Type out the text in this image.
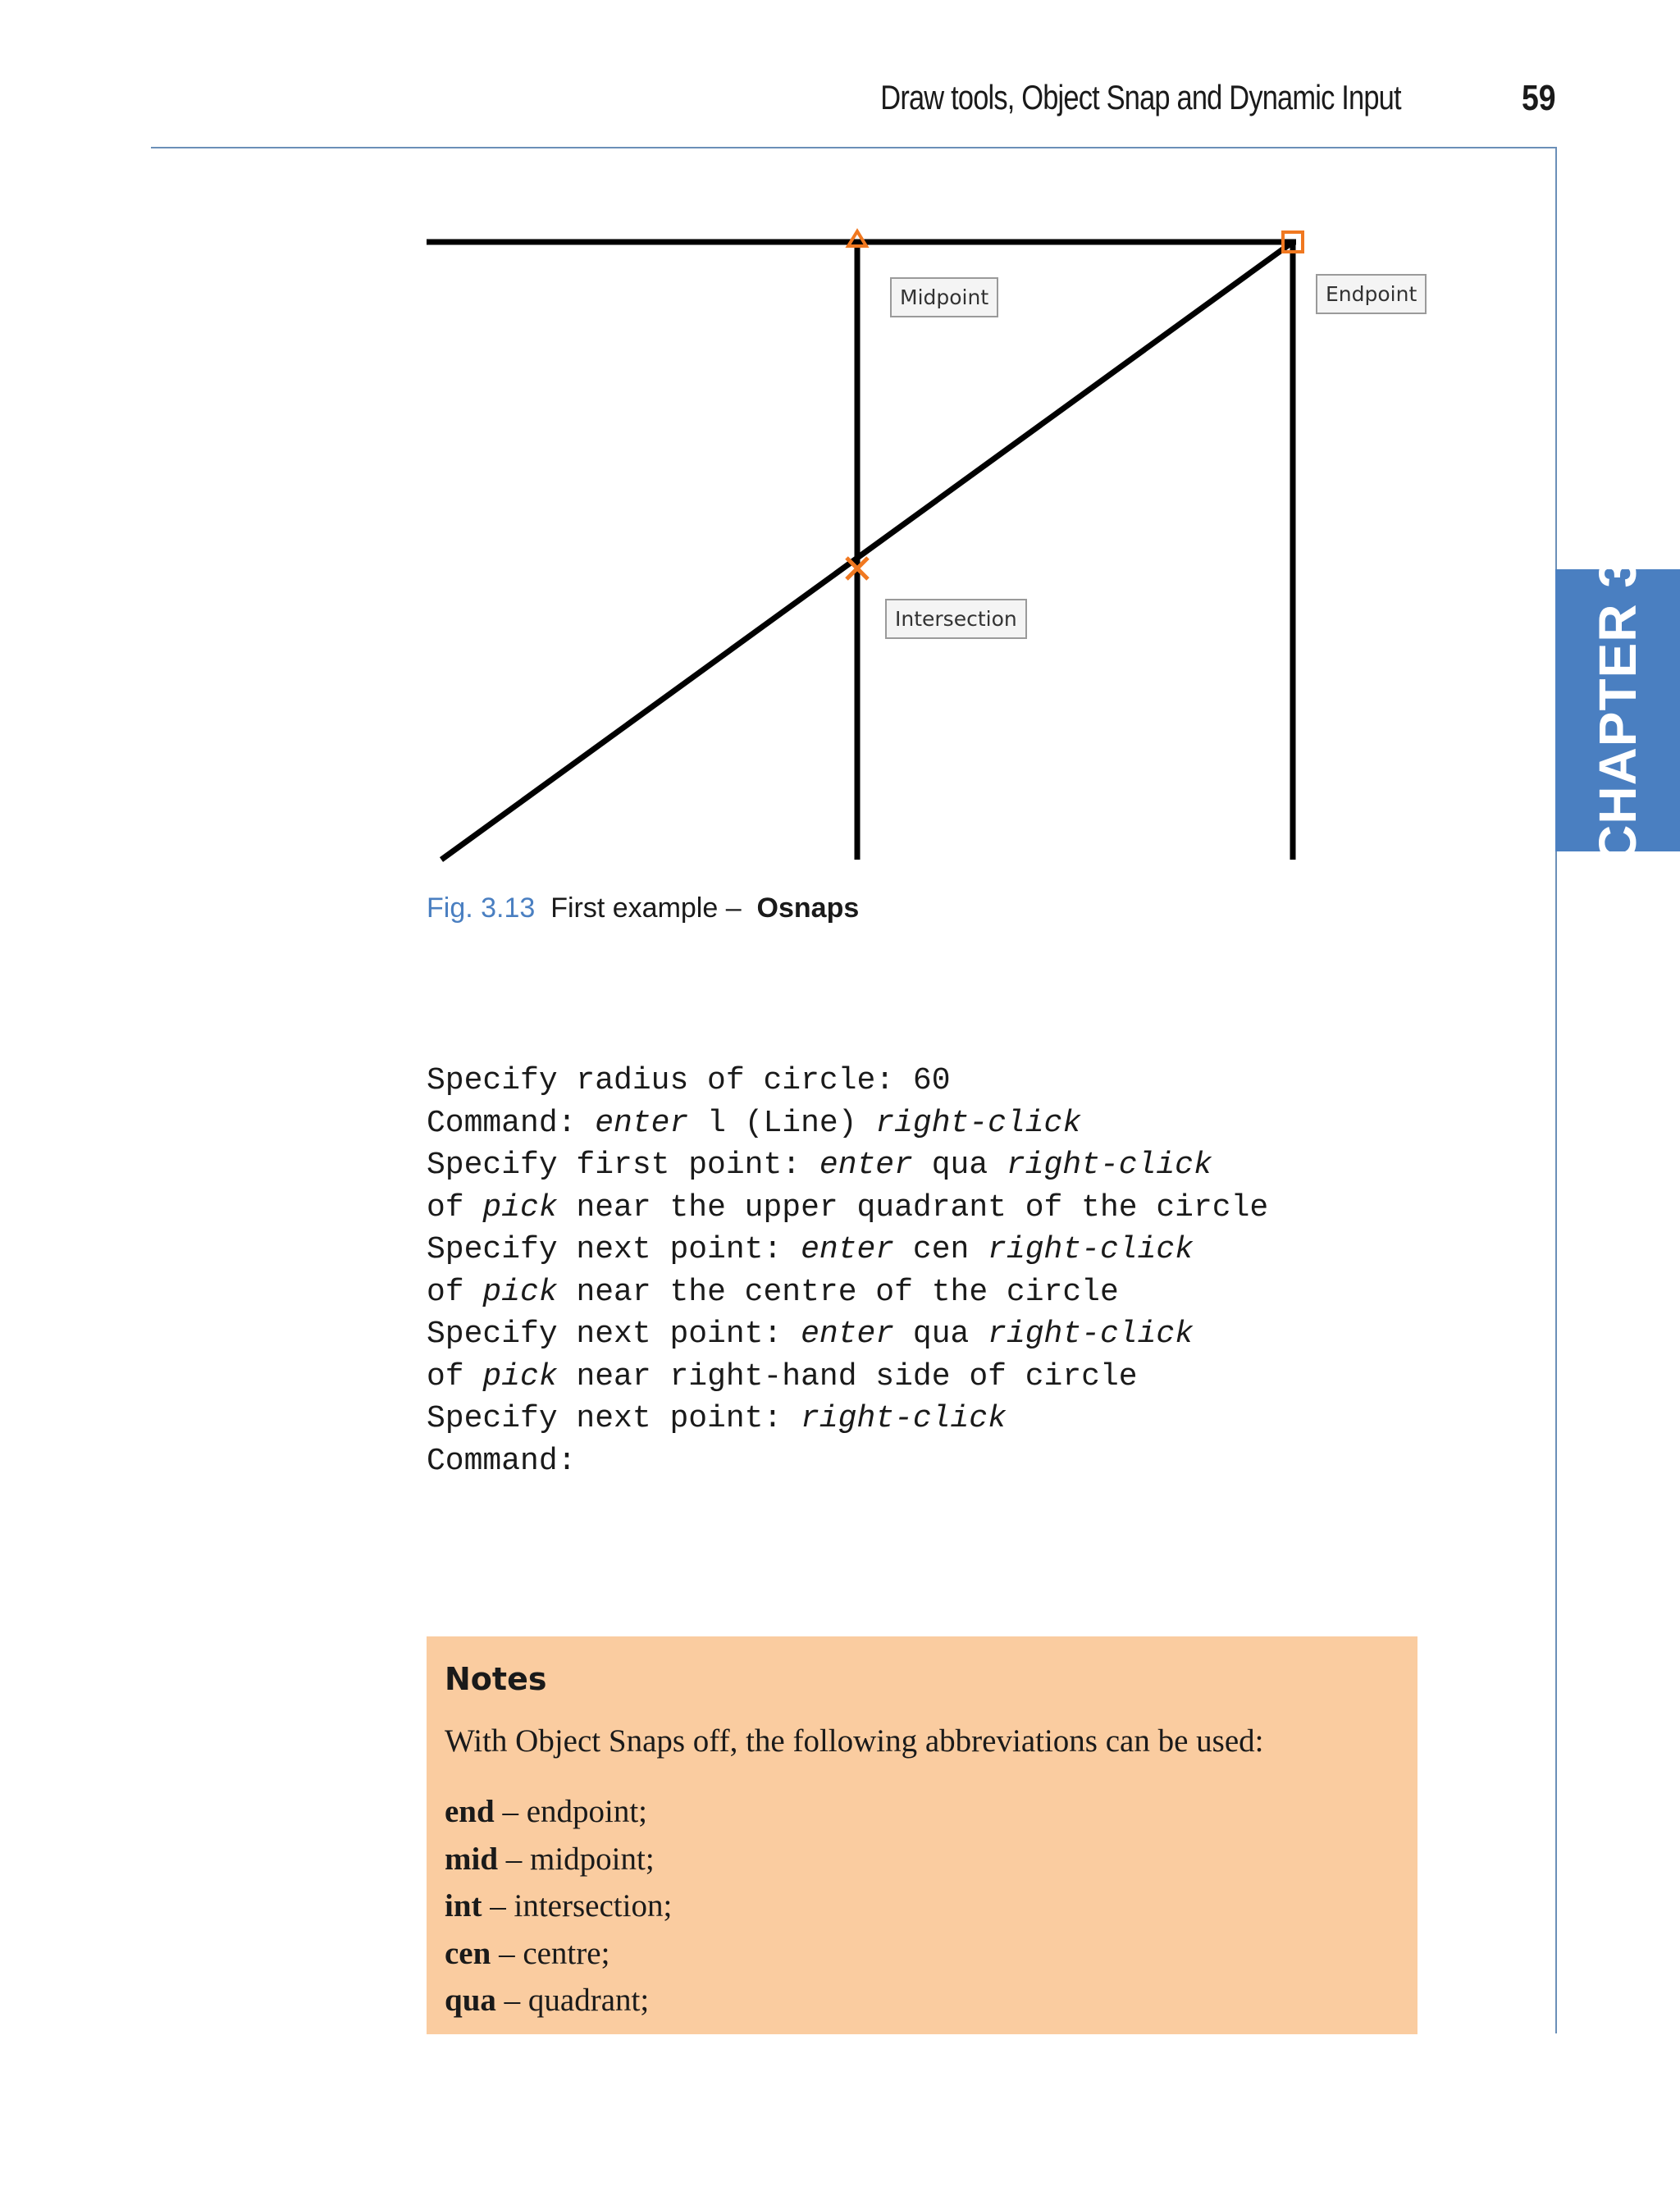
Draw tools, Object Snap and Dynamic Input	59
CHAPTER 3
Midpoint	Endpoint
Intersection
Fig. 3.13 First example – Osnaps
Specify radius of circle: 60
Command: enter l (Line) right-click
Specify first point: enter qua right-click
of pick near the upper quadrant of the circle
Specify next point: enter cen right-click
of pick near the centre of the circle
Specify next point: enter qua right-click
of pick near right-hand side of circle
Specify next point: right-click
Command:
Notes
With Object Snaps off, the following abbreviations can be used:
end – endpoint;
mid – midpoint;
int – intersection;
cen – centre;
qua – quadrant;
